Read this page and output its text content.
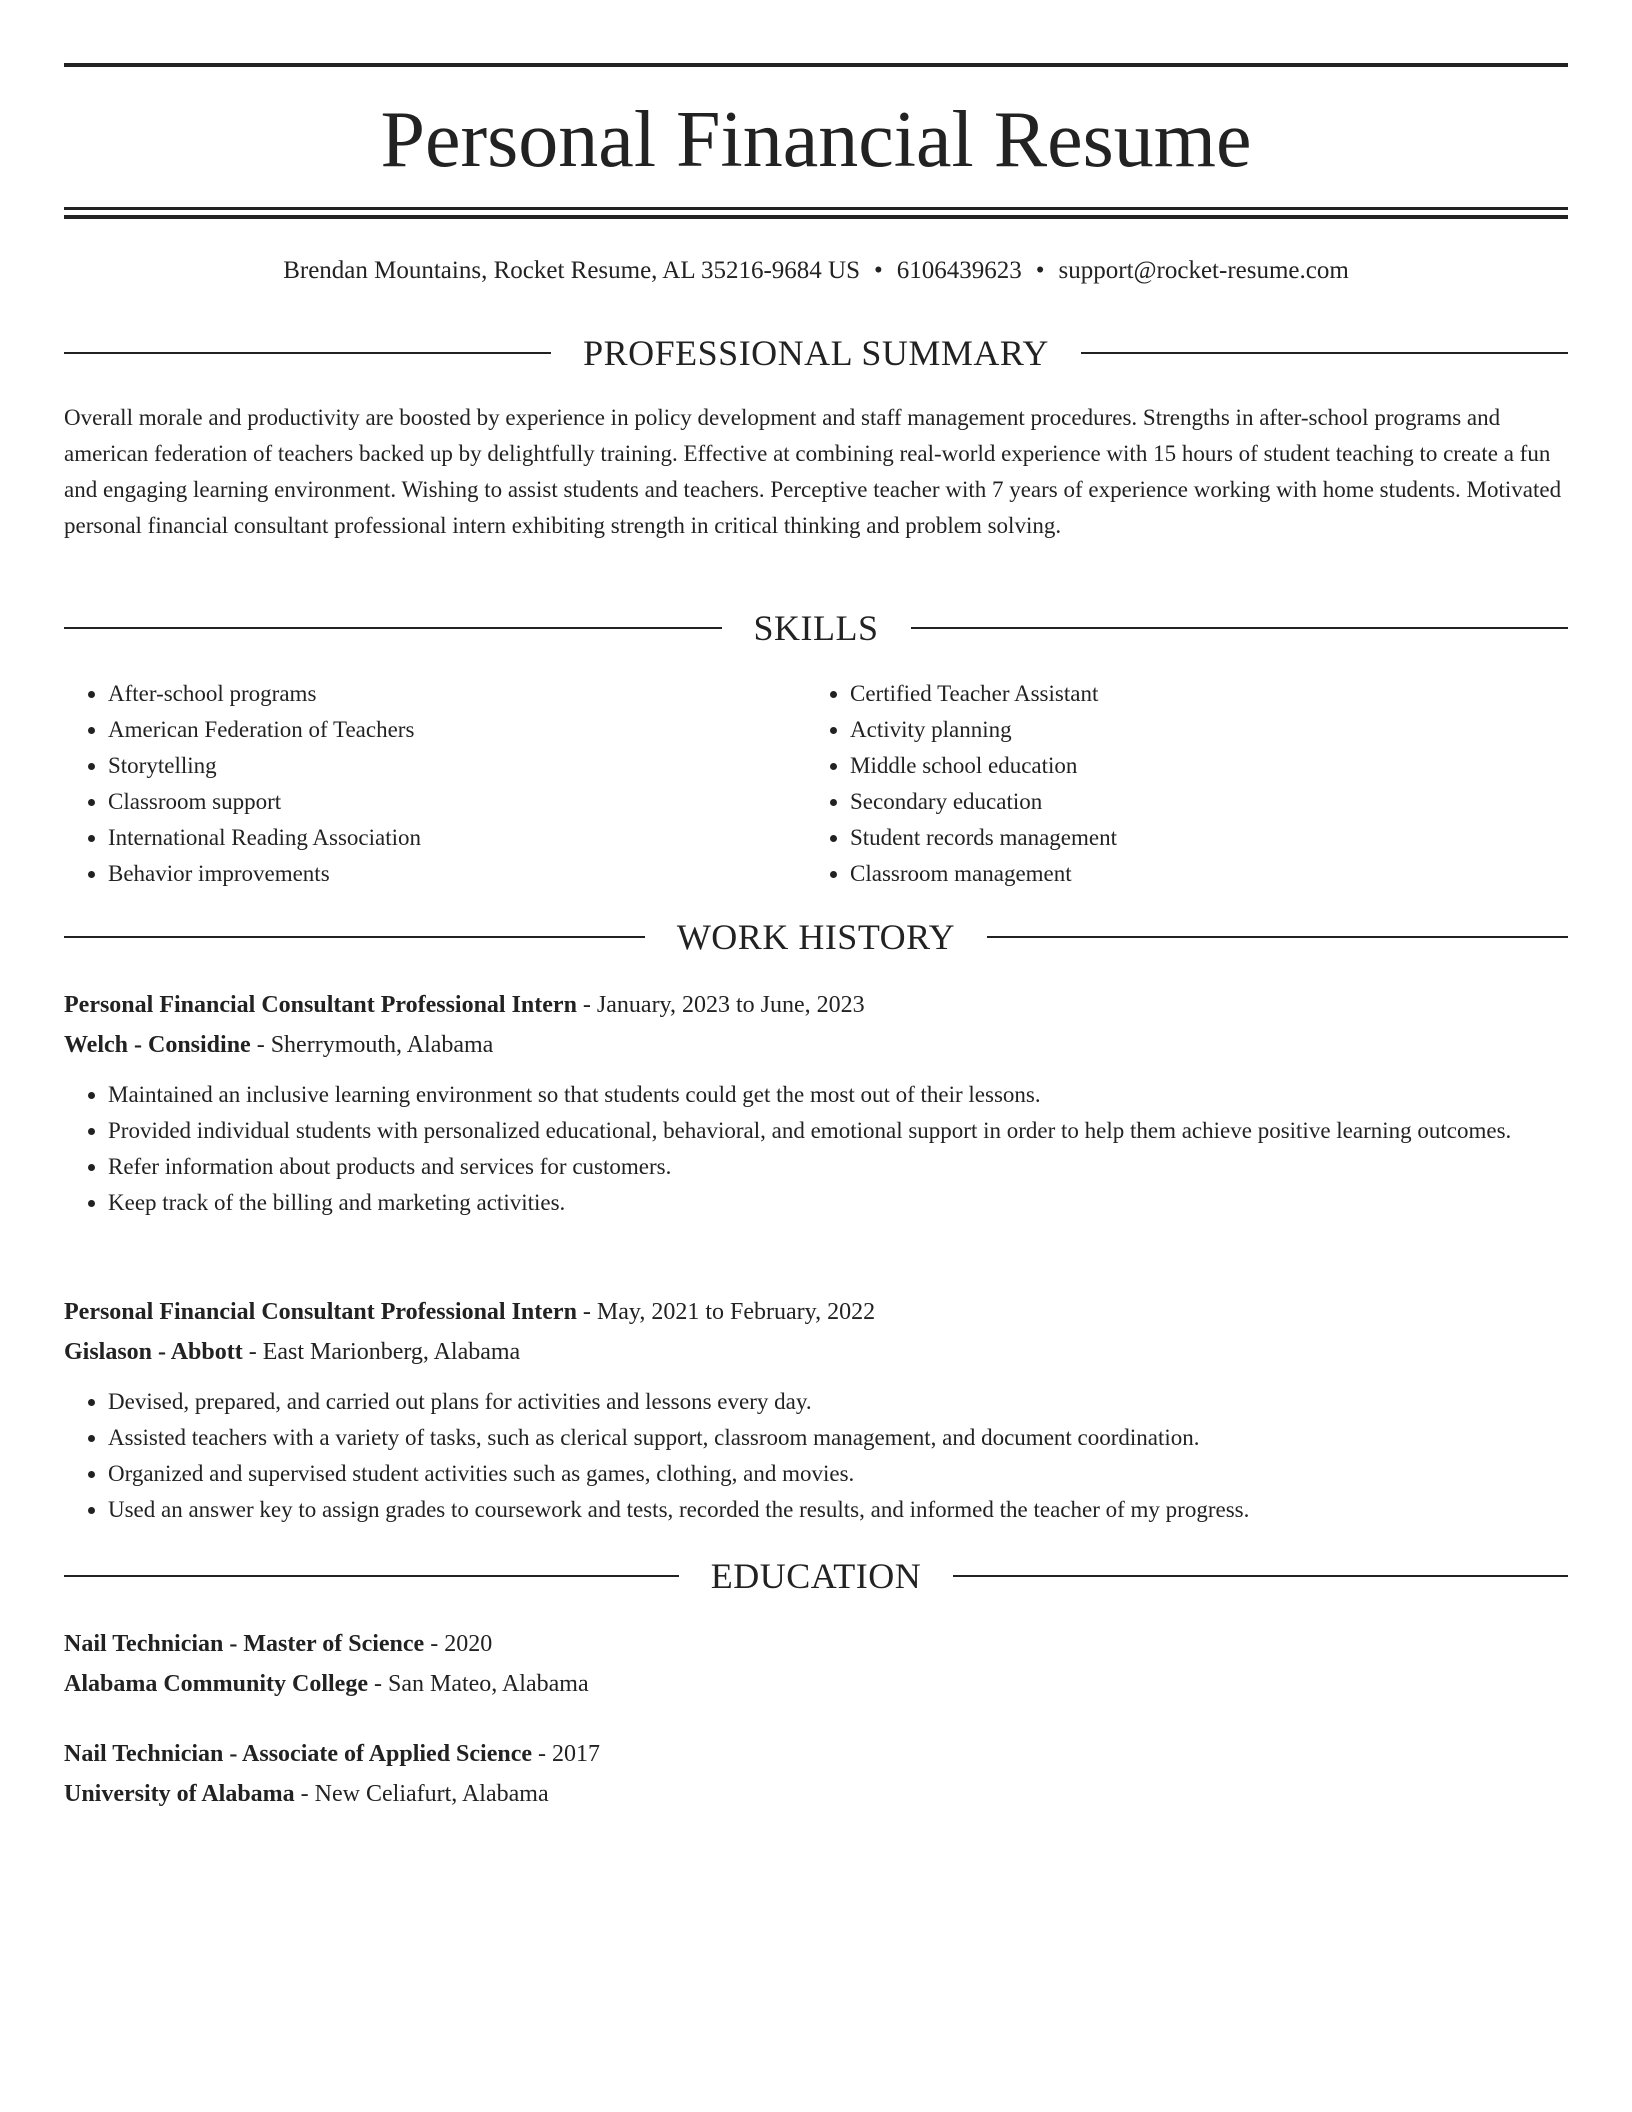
Personal Financial Resume
Brendan Mountains, Rocket Resume, AL 35216-9684 US • 6106439623 • support@rocket-resume.com
PROFESSIONAL SUMMARY

Overall morale and productivity are boosted by experience in policy development and staff management procedures. Strengths in after-school programs and american federation of teachers backed up by delightfully training. Effective at combining real-world experience with 15 hours of student teaching to create a fun and engaging learning environment. Wishing to assist students and teachers. Perceptive teacher with 7 years of experience working with home students. Motivated personal financial consultant professional intern exhibiting strength in critical thinking and problem solving.

SKILLS
• After-school programs
• American Federation of Teachers
• Storytelling
• Classroom support
• International Reading Association
• Behavior improvements
• Certified Teacher Assistant
• Activity planning
• Middle school education
• Secondary education
• Student records management
• Classroom management
WORK HISTORY
Personal Financial Consultant Professional Intern - January, 2023 to June, 2023
Welch - Considine - Sherrymouth, Alabama
• Maintained an inclusive learning environment so that students could get the most out of their lessons.
• Provided individual students with personalized educational, behavioral, and emotional support in order to help them achieve positive learning outcomes.
• Refer information about products and services for customers.
• Keep track of the billing and marketing activities.
Personal Financial Consultant Professional Intern - May, 2021 to February, 2022
Gislason - Abbott - East Marionberg, Alabama
• Devised, prepared, and carried out plans for activities and lessons every day.
• Assisted teachers with a variety of tasks, such as clerical support, classroom management, and document coordination.
• Organized and supervised student activities such as games, clothing, and movies.
• Used an answer key to assign grades to coursework and tests, recorded the results, and informed the teacher of my progress.
EDUCATION
Nail Technician - Master of Science - 2020
Alabama Community College - San Mateo, Alabama
Nail Technician - Associate of Applied Science - 2017
University of Alabama - New Celiafurt, Alabama
